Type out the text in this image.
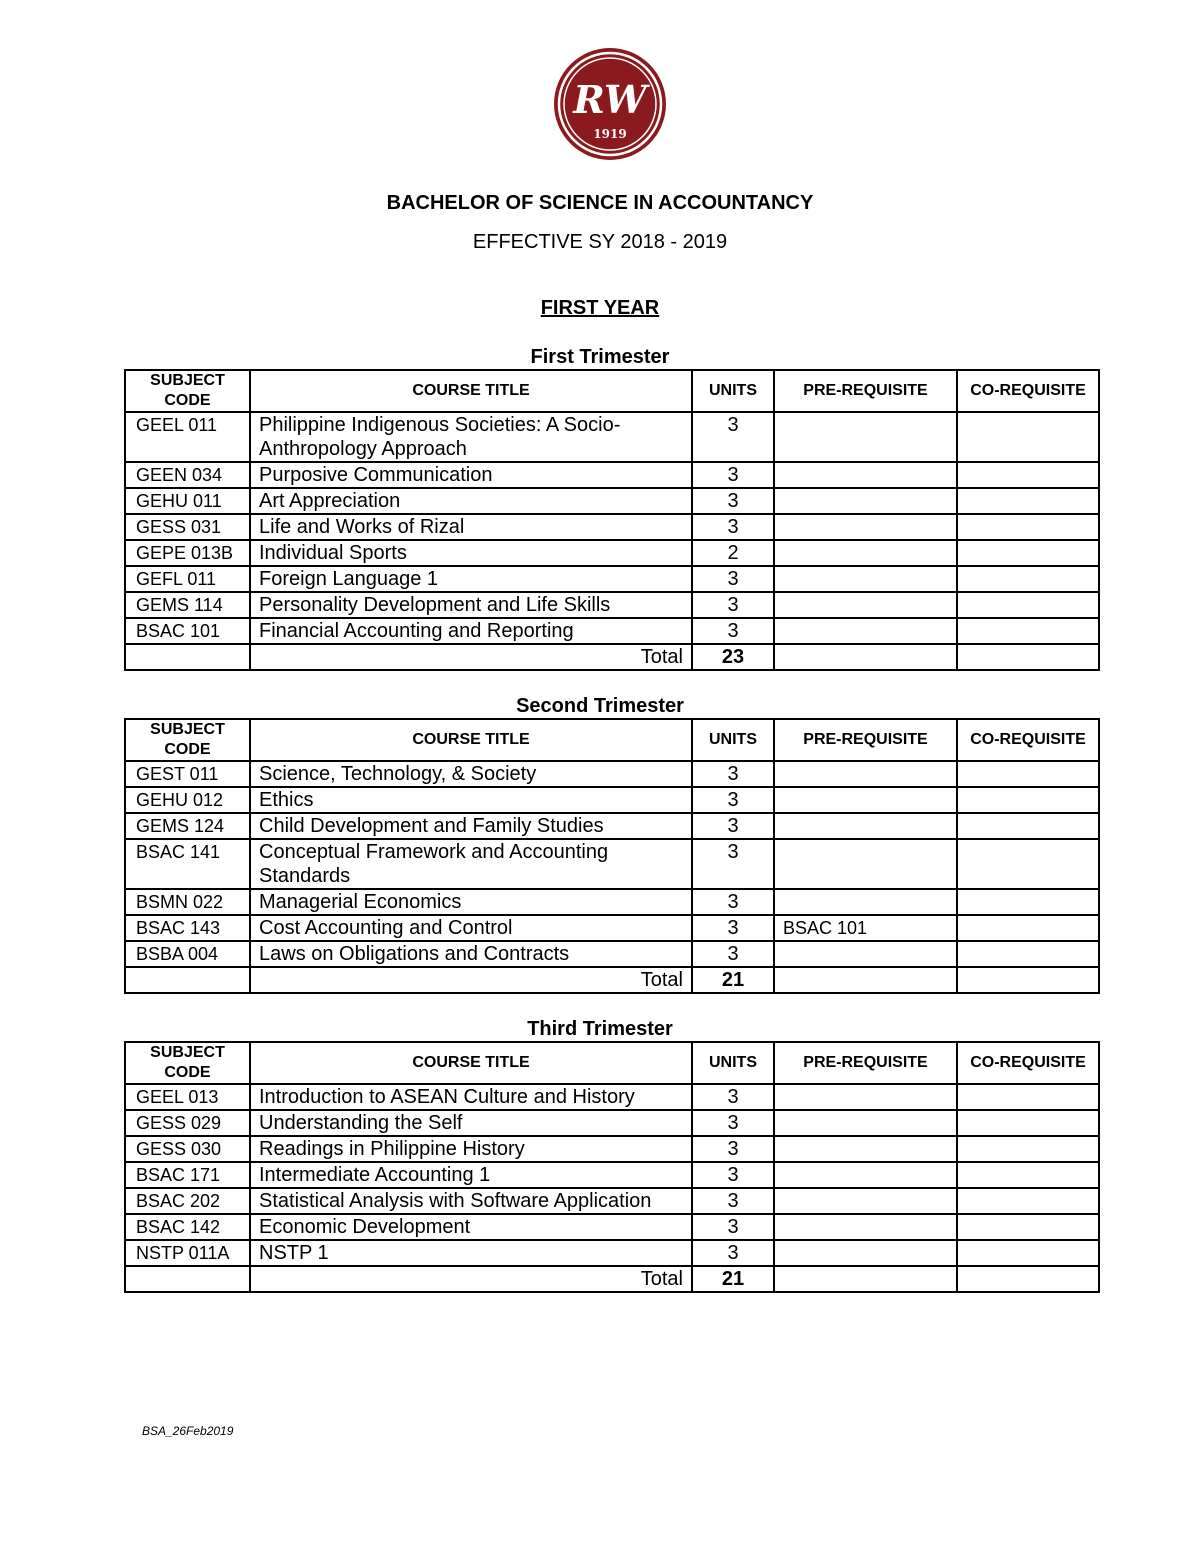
RW
1919
BACHELOR OF SCIENCE IN ACCOUNTANCY
EFFECTIVE SY 2018 - 2019
FIRST YEAR
First Trimester
SUBJECT CODE	COURSE TITLE	UNITS	PRE-REQUISITE	CO-REQUISITE
GEEL 011	Philippine Indigenous Societies: A Socio-Anthropology Approach	3		
GEEN 034	Purposive Communication	3		
GEHU 011	Art Appreciation	3		
GESS 031	Life and Works of Rizal	3		
GEPE 013B	Individual Sports	2		
GEFL 011	Foreign Language 1	3		
GEMS 114	Personality Development and Life Skills	3		
BSAC 101	Financial Accounting and Reporting	3		
	Total	23		
Second Trimester
SUBJECT CODE	COURSE TITLE	UNITS	PRE-REQUISITE	CO-REQUISITE
GEST 011	Science, Technology, & Society	3		
GEHU 012	Ethics	3		
GEMS 124	Child Development and Family Studies	3		
BSAC 141	Conceptual Framework and Accounting Standards	3		
BSMN 022	Managerial Economics	3		
BSAC 143	Cost Accounting and Control	3	BSAC 101	
BSBA 004	Laws on Obligations and Contracts	3		
	Total	21		
Third Trimester
SUBJECT CODE	COURSE TITLE	UNITS	PRE-REQUISITE	CO-REQUISITE
GEEL 013	Introduction to ASEAN Culture and History	3		
GESS 029	Understanding the Self	3		
GESS 030	Readings in Philippine History	3		
BSAC 171	Intermediate Accounting 1	3		
BSAC 202	Statistical Analysis with Software Application	3		
BSAC 142	Economic Development	3		
NSTP 011A	NSTP 1	3		
	Total	21		
BSA_26Feb2019
